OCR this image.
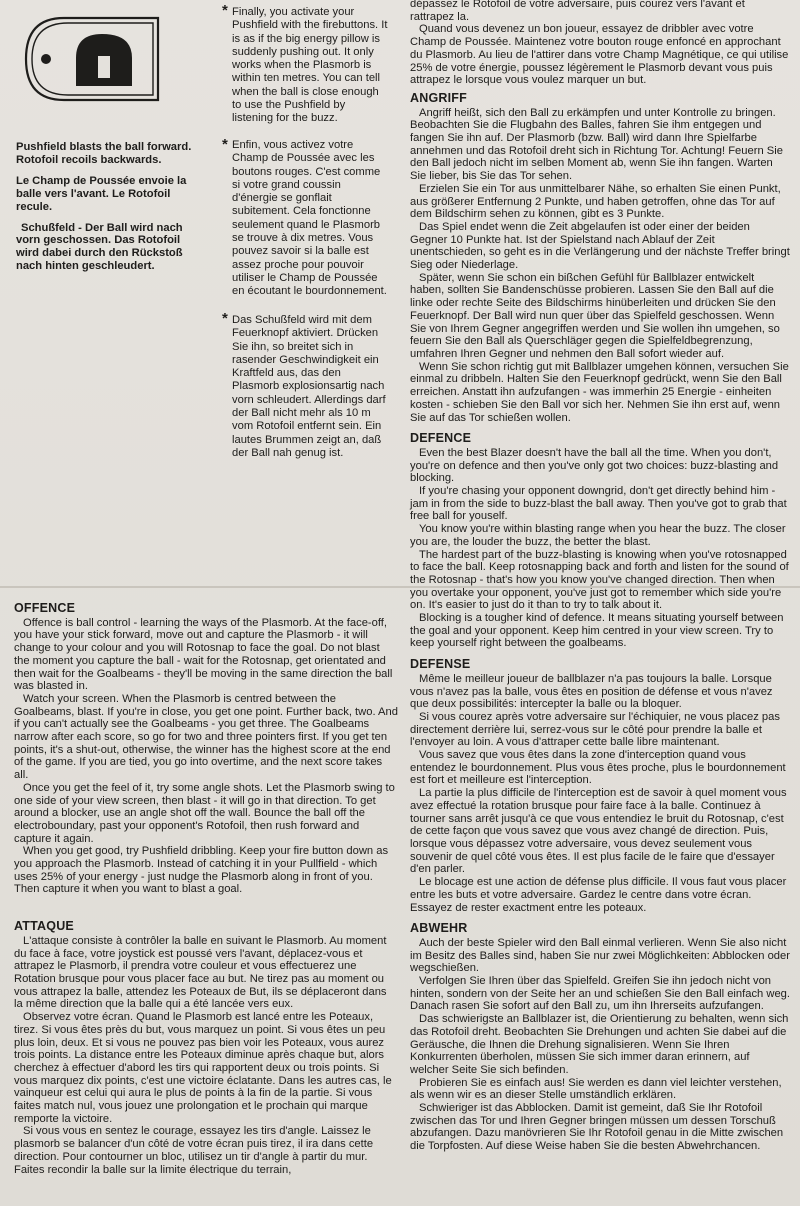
Pushfield blasts the ball forward. Rotofoil recoils backwards.

Le Champ de Poussée envoie la balle vers l'avant. Le Rotofoil recule.

Schußfeld - Der Ball wird nach vorn geschossen. Das Rotofoil wird dabei durch den Rückstoß nach hinten geschleudert.

* Finally, you activate your Pushfield with the firebuttons. It is as if the big energy pillow is suddenly pushing out. It only works when the Plasmorb is within ten metres. You can tell when the ball is close enough to use the Pushfield by listening for the buzz.
* Enfin, vous activez votre Champ de Poussée avec les boutons rouges. C'est comme si votre grand coussin d'énergie se gonflait subitement. Cela fonctionne seulement quand le Plasmorb se trouve à dix metres. Vous pouvez savoir si la balle est assez proche pour pouvoir utiliser le Champ de Poussée en écoutant le bourdonnement.
* Das Schußfeld wird mit dem Feuerknopf aktiviert. Drücken Sie ihn, so breitet sich in rasender Geschwindigkeit ein Kraftfeld aus, das den Plasmorb explosionsartig nach vorn schleudert. Allerdings darf der Ball nicht mehr als 10 m vom Rotofoil entfernt sein. Ein lautes Brummen zeigt an, daß der Ball nah genug ist.

dépassez le Rotofoil de votre adversaire, puis courez vers l'avant et rattrapez la.

Quand vous devenez un bon joueur, essayez de dribbler avec votre Champ de Poussée. Maintenez votre bouton rouge enfoncé en approchant du Plasmorb. Au lieu de l'attirer dans votre Champ Magnétique, ce qui utilise 25% de votre énergie, poussez légèrement le Plasmorb devant vous puis attrapez le lorsque vous voulez marquer un but.

ANGRIFF

Angriff heißt, sich den Ball zu erkämpfen und unter Kontrolle zu bringen. Beobachten Sie die Flugbahn des Balles, fahren Sie ihm entgegen und fangen Sie ihn auf. Der Plasmorb (bzw. Ball) wird dann Ihre Spielfarbe annehmen und das Rotofoil dreht sich in Richtung Tor. Achtung! Feuern Sie den Ball jedoch nicht im selben Moment ab, wenn Sie ihn fangen. Warten Sie lieber, bis Sie das Tor sehen.

Erzielen Sie ein Tor aus unmittelbarer Nähe, so erhalten Sie einen Punkt, aus größerer Entfernung 2 Punkte, und haben getroffen, ohne das Tor auf dem Bildschirm sehen zu können, gibt es 3 Punkte.

Das Spiel endet wenn die Zeit abgelaufen ist oder einer der beiden Gegner 10 Punkte hat. Ist der Spielstand nach Ablauf der Zeit unentschieden, so geht es in die Verlängerung und der nächste Treffer bringt Sieg oder Niederlage.

Später, wenn Sie schon ein bißchen Gefühl für Ballblazer entwickelt haben, sollten Sie Bandenschüsse probieren. Lassen Sie den Ball auf die linke oder rechte Seite des Bildschirms hinüberleiten und drücken Sie den Feuerknopf. Der Ball wird nun quer über das Spielfeld geschossen. Wenn Sie von Ihrem Gegner angegriffen werden und Sie wollen ihn umgehen, so feuern Sie den Ball als Querschläger gegen die Spielfeldbegrenzung, umfahren Ihren Gegner und nehmen den Ball sofort wieder auf.

Wenn Sie schon richtig gut mit Ballblazer umgehen können, versuchen Sie einmal zu dribbeln. Halten Sie den Feuerknopf gedrückt, wenn Sie den Ball erreichen. Anstatt ihn aufzufangen - was immerhin 25 Energie - einheiten kosten - schieben Sie den Ball vor sich her. Nehmen Sie ihn erst auf, wenn Sie auf das Tor schießen wollen.

DEFENCE

Even the best Blazer doesn't have the ball all the time. When you don't, you're on defence and then you've only got two choices: buzz-blasting and blocking.

If you're chasing your opponent downgrid, don't get directly behind him - jam in from the side to buzz-blast the ball away. Then you've got to grab that free ball for youself.

You know you're within blasting range when you hear the buzz. The closer you are, the louder the buzz, the better the blast.

The hardest part of the buzz-blasting is knowing when you've rotosnapped to face the ball. Keep rotosnapping back and forth and listen for the sound of the Rotosnap - that's how you know you've changed direction. Then when you overtake your opponent, you've just got to remember which side you're on. It's easier to just do it than to try to talk about it.

Blocking is a tougher kind of defence. It means situating yourself between the goal and your opponent. Keep him centred in your view screen. Try to keep yourself right between the goalbeams.

DEFENSE

Même le meilleur joueur de ballblazer n'a pas toujours la balle. Lorsque vous n'avez pas la balle, vous êtes en position de défense et vous n'avez que deux possibilités: intercepter la balle ou la bloquer.

Si vous courez après votre adversaire sur l'échiquier, ne vous placez pas directement derrière lui, serrez-vous sur le côté pour prendre la balle et l'envoyer au loin. A vous d'attraper cette balle libre maintenant.

Vous savez que vous êtes dans la zone d'interception quand vous entendez le bourdonnement. Plus vous êtes proche, plus le bourdonnement est fort et meilleure est l'interception.

La partie la plus difficile de l'interception est de savoir à quel moment vous avez effectué la rotation brusque pour faire face à la balle. Continuez à tourner sans arrêt jusqu'à ce que vous entendiez le bruit du Rotosnap, c'est de cette façon que vous savez que vous avez changé de direction. Puis, lorsque vous dépassez votre adversaire, vous devez seulement vous souvenir de quel côté vous êtes. Il est plus facile de le faire que d'essayer d'en parler.

Le blocage est une action de défense plus difficile. Il vous faut vous placer entre les buts et votre adversaire. Gardez le centre dans votre écran. Essayez de rester exactment entre les poteaux.

ABWEHR

Auch der beste Spieler wird den Ball einmal verlieren. Wenn Sie also nicht im Besitz des Balles sind, haben Sie nur zwei Möglichkeiten: Abblocken oder wegschießen.

Verfolgen Sie Ihren über das Spielfeld. Greifen Sie ihn jedoch nicht von hinten, sondern von der Seite her an und schießen Sie den Ball einfach weg. Danach rasen Sie sofort auf den Ball zu, um ihn Ihrerseits aufzufangen.

Das schwierigste an Ballblazer ist, die Orientierung zu behalten, wenn sich das Rotofoil dreht. Beobachten Sie Drehungen und achten Sie dabei auf die Geräusche, die Ihnen die Drehung signalisieren. Wenn Sie Ihren Konkurrenten überholen, müssen Sie sich immer daran erinnern, auf welcher Seite Sie sich befinden.

Probieren Sie es einfach aus! Sie werden es dann viel leichter verstehen, als wenn wir es an dieser Stelle umständlich erklären.

Schwieriger ist das Abblocken. Damit ist gemeint, daß Sie Ihr Rotofoil zwischen das Tor und Ihren Gegner bringen müssen um dessen Torschuß abzufangen. Dazu manövrieren Sie Ihr Rotofoil genau in die Mitte zwischen die Torpfosten. Auf diese Weise haben Sie die besten Abwehrchancen.

OFFENCE

Offence is ball control - learning the ways of the Plasmorb. At the face-off, you have your stick forward, move out and capture the Plasmorb - it will change to your colour and you will Rotosnap to face the goal. Do not blast the moment you capture the ball - wait for the Rotosnap, get orientated and then wait for the Goalbeams - they'll be moving in the same direction the ball was blasted in.

Watch your screen. When the Plasmorb is centred between the Goalbeams, blast. If you're in close, you get one point. Further back, two. And if you can't actually see the Goalbeams - you get three. The Goalbeams narrow after each score, so go for two and three pointers first. If you get ten points, it's a shut-out, otherwise, the winner has the highest score at the end of the game. If you are tied, you go into overtime, and the next score takes all.

Once you get the feel of it, try some angle shots. Let the Plasmorb swing to one side of your view screen, then blast - it will go in that direction. To get around a blocker, use an angle shot off the wall. Bounce the ball off the electroboundary, past your opponent's Rotofoil, then rush forward and capture it again.

When you get good, try Pushfield dribbling. Keep your fire button down as you approach the Plasmorb. Instead of catching it in your Pullfield - which uses 25% of your energy - just nudge the Plasmorb along in front of you. Then capture it when you want to blast a goal.

ATTAQUE

L'attaque consiste à contrôler la balle en suivant le Plasmorb. Au moment du face à face, votre joystick est poussé vers l'avant, déplacez-vous et attrapez le Plasmorb, il prendra votre couleur et vous effectuerez une Rotation brusque pour vous placer face au but. Ne tirez pas au moment ou vous attrapez la balle, attendez les Poteaux de But, ils se déplaceront dans la même direction que la balle qui a été lancée vers eux.

Observez votre écran. Quand le Plasmorb est lancé entre les Poteaux, tirez. Si vous êtes près du but, vous marquez un point. Si vous êtes un peu plus loin, deux. Et si vous ne pouvez pas bien voir les Poteaux, vous aurez trois points. La distance entre les Poteaux diminue après chaque but, alors cherchez à effectuer d'abord les tirs qui rapportent deux ou trois points. Si vous marquez dix points, c'est une victoire éclatante. Dans les autres cas, le vainqueur est celui qui aura le plus de points à la fin de la partie. Si vous faites match nul, vous jouez une prolongation et le prochain qui marque remporte la victoire.

Si vous vous en sentez le courage, essayez les tirs d'angle. Laissez le plasmorb se balancer d'un côté de votre écran puis tirez, il ira dans cette direction. Pour contourner un bloc, utilisez un tir d'angle à partir du mur. Faites recondir la balle sur la limite électrique du terrain,
